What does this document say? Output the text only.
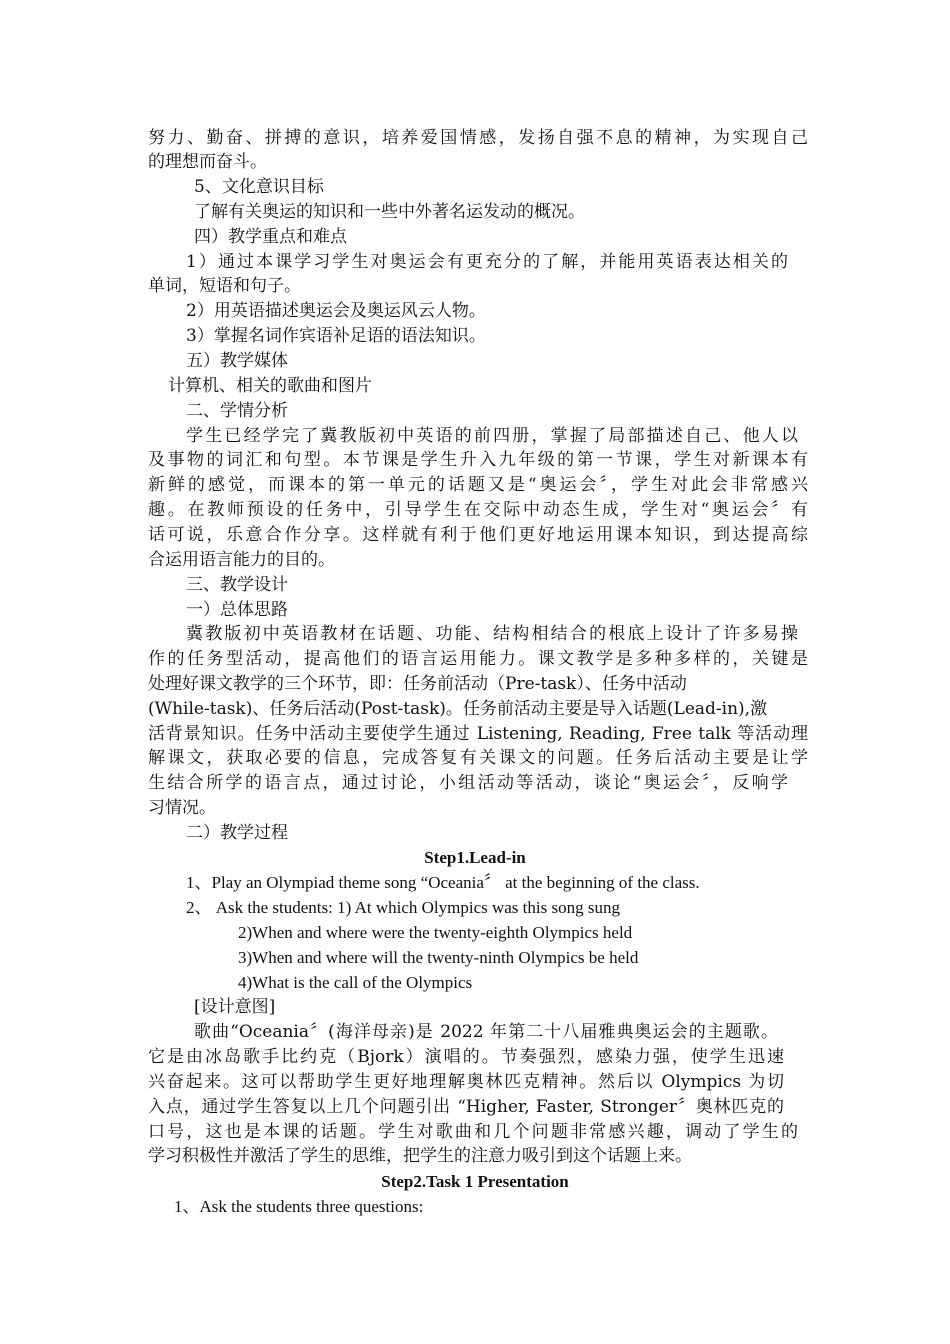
努力、勤奋、拼搏的意识，培养爱国情感，发扬自强不息的精神，为实现自己
的理想而奋斗。
5、文化意识目标
了解有关奥运的知识和一些中外著名运发动的概况。
四）教学重点和难点
1）通过本课学习学生对奥运会有更充分的了解，并能用英语表达相关的
单词，短语和句子。
2）用英语描述奥运会及奥运风云人物。
3）掌握名词作宾语补足语的语法知识。
五）教学媒体
计算机、相关的歌曲和图片
二、学情分析
学生已经学完了冀教版初中英语的前四册，掌握了局部描述自己、他人以
及事物的词汇和句型。本节课是学生升入九年级的第一节课，学生对新课本有
新鲜的感觉，而课本的第一单元的话题又是“奥运会〞，学生对此会非常感兴
趣。在教师预设的任务中，引导学生在交际中动态生成，学生对“奥运会〞有
话可说，乐意合作分享。这样就有利于他们更好地运用课本知识，到达提高综
合运用语言能力的目的。
三、教学设计
一）总体思路
冀教版初中英语教材在话题、功能、结构相结合的根底上设计了许多易操
作的任务型活动，提高他们的语言运用能力。课文教学是多种多样的，关键是
处理好课文教学的三个环节，即：任务前活动（Pre-task）、任务中活动
(While-task)、任务后活动(Post-task)。任务前活动主要是导入话题(Lead-in),激
活背景知识。任务中活动主要使学生通过 Listening, Reading, Free talk 等活动理
解课文，获取必要的信息，完成答复有关课文的问题。任务后活动主要是让学
生结合所学的语言点，通过讨论，小组活动等活动，谈论“奥运会〞，反响学
习情况。
二）教学过程
Step1.Lead-in
1、Play an Olympiad theme song “Oceania〞 at the beginning of the class.
2、 Ask the students: 1) At which Olympics was this song sung
2)When and where were the twenty-eighth Olympics held
3)When and where will the twenty-ninth Olympics be held
4)What is the call of the Olympics
[设计意图]
歌曲“Oceania〞(海洋母亲)是 2022 年第二十八届雅典奥运会的主题歌。
它是由冰岛歌手比约克（Bjork）演唱的。节奏强烈，感染力强，使学生迅速
兴奋起来。这可以帮助学生更好地理解奥林匹克精神。然后以 Olympics 为切
入点，通过学生答复以上几个问题引出 “Higher, Faster, Stronger〞奥林匹克的
口号，这也是本课的话题。学生对歌曲和几个问题非常感兴趣，调动了学生的
学习积极性并激活了学生的思维，把学生的注意力吸引到这个话题上来。
Step2.Task 1 Presentation
1、Ask the students three questions:
